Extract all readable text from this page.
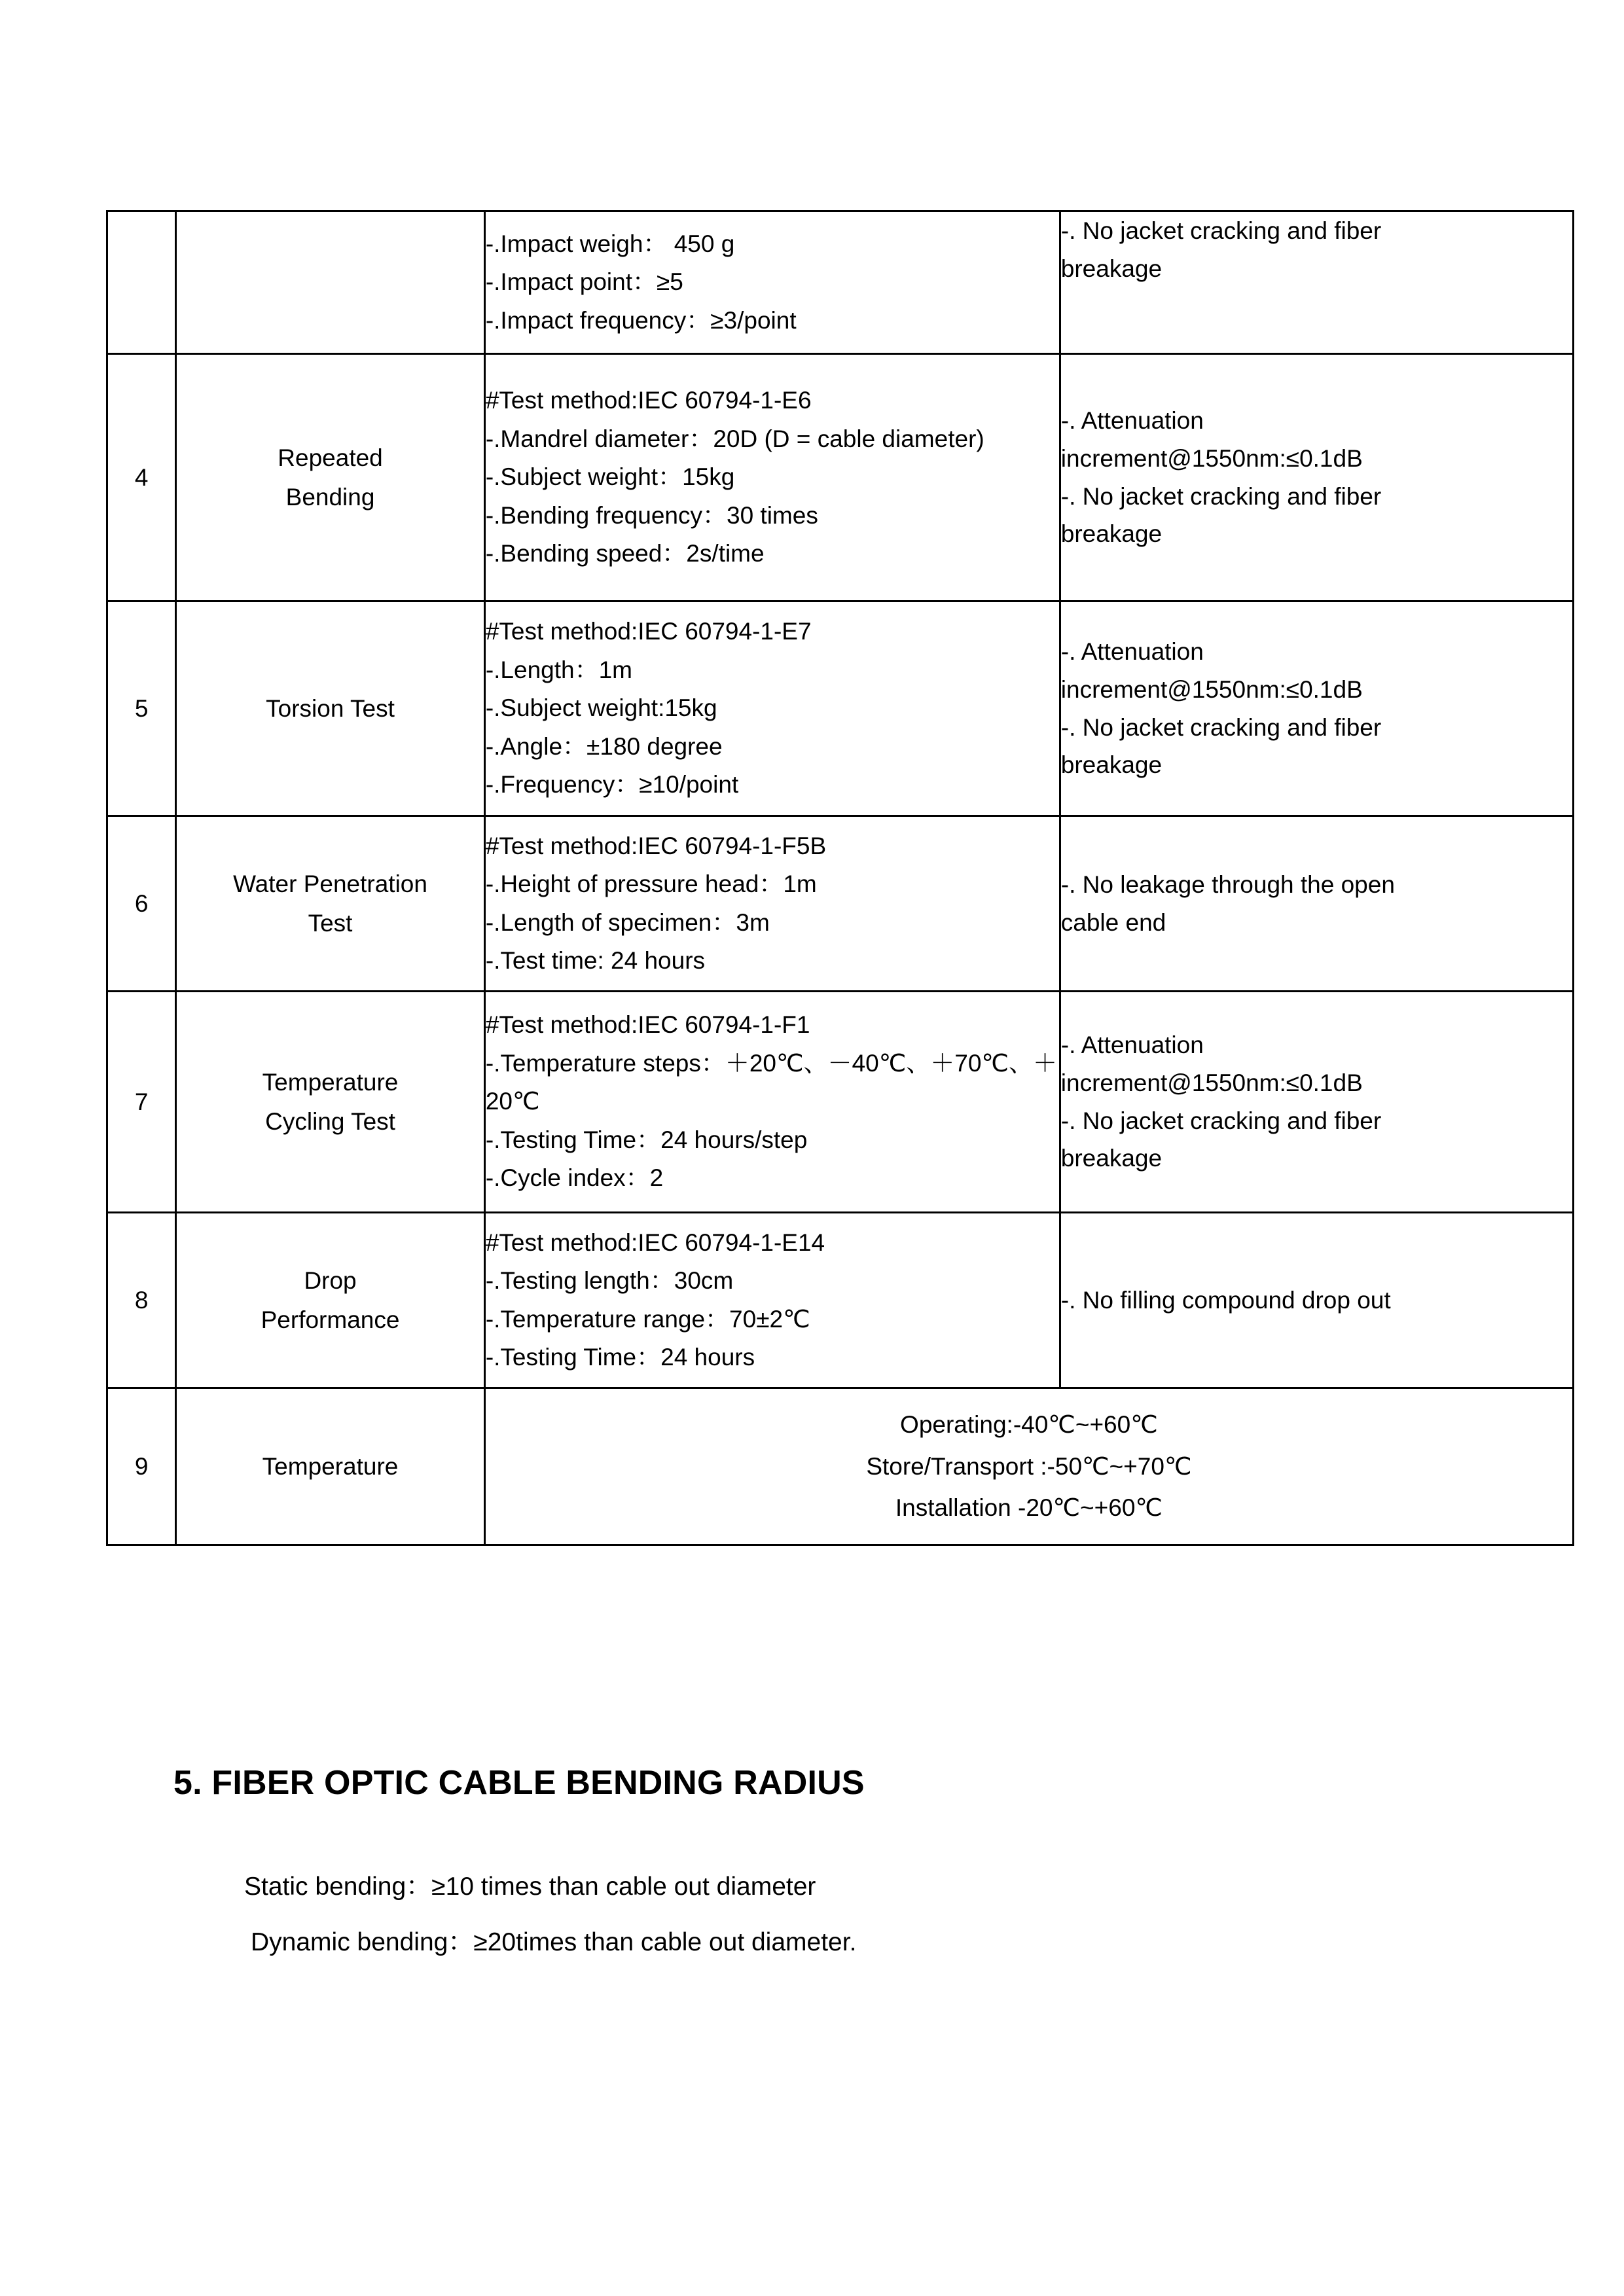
		-.Impact weigh： 450 g
-.Impact point：≥5
-.Impact frequency：≥3/point	-. No jacket cracking and fiber
breakage

4	Repeated
Bending	#Test method:IEC 60794-1-E6
-.Mandrel diameter：20D (D = cable diameter)
-.Subject weight：15kg
-.Bending frequency：30 times
-.Bending speed：2s/time	-. Attenuation
increment@1550nm:≤0.1dB
-. No jacket cracking and fiber
breakage

5	Torsion Test	#Test method:IEC 60794-1-E7
-.Length：1m
-.Subject weight:15kg
-.Angle：±180 degree
-.Frequency：≥10/point	-. Attenuation
increment@1550nm:≤0.1dB
-. No jacket cracking and fiber
breakage

6	Water Penetration
Test	#Test method:IEC 60794-1-F5B
-.Height of pressure head：1m
-.Length of specimen：3m
-.Test time: 24 hours	-. No leakage through the open
cable end

7	Temperature
Cycling Test	#Test method:IEC 60794-1-F1
-.Temperature steps：＋20℃、－40℃、＋70℃、＋20℃
-.Testing Time：24 hours/step
-.Cycle index：2	-. Attenuation
increment@1550nm:≤0.1dB
-. No jacket cracking and fiber
breakage

8	Drop
Performance	#Test method:IEC 60794-1-E14
-.Testing length：30cm
-.Temperature range：70±2℃
-.Testing Time：24 hours	-. No filling compound drop out

9	Temperature	Operating:-40℃~+60℃
Store/Transport :-50℃~+70℃
Installation -20℃~+60℃	
5. FIBER OPTIC CABLE BENDING RADIUS
Static bending：≥10 times than cable out diameter
Dynamic bending：≥20times than cable out diameter.
